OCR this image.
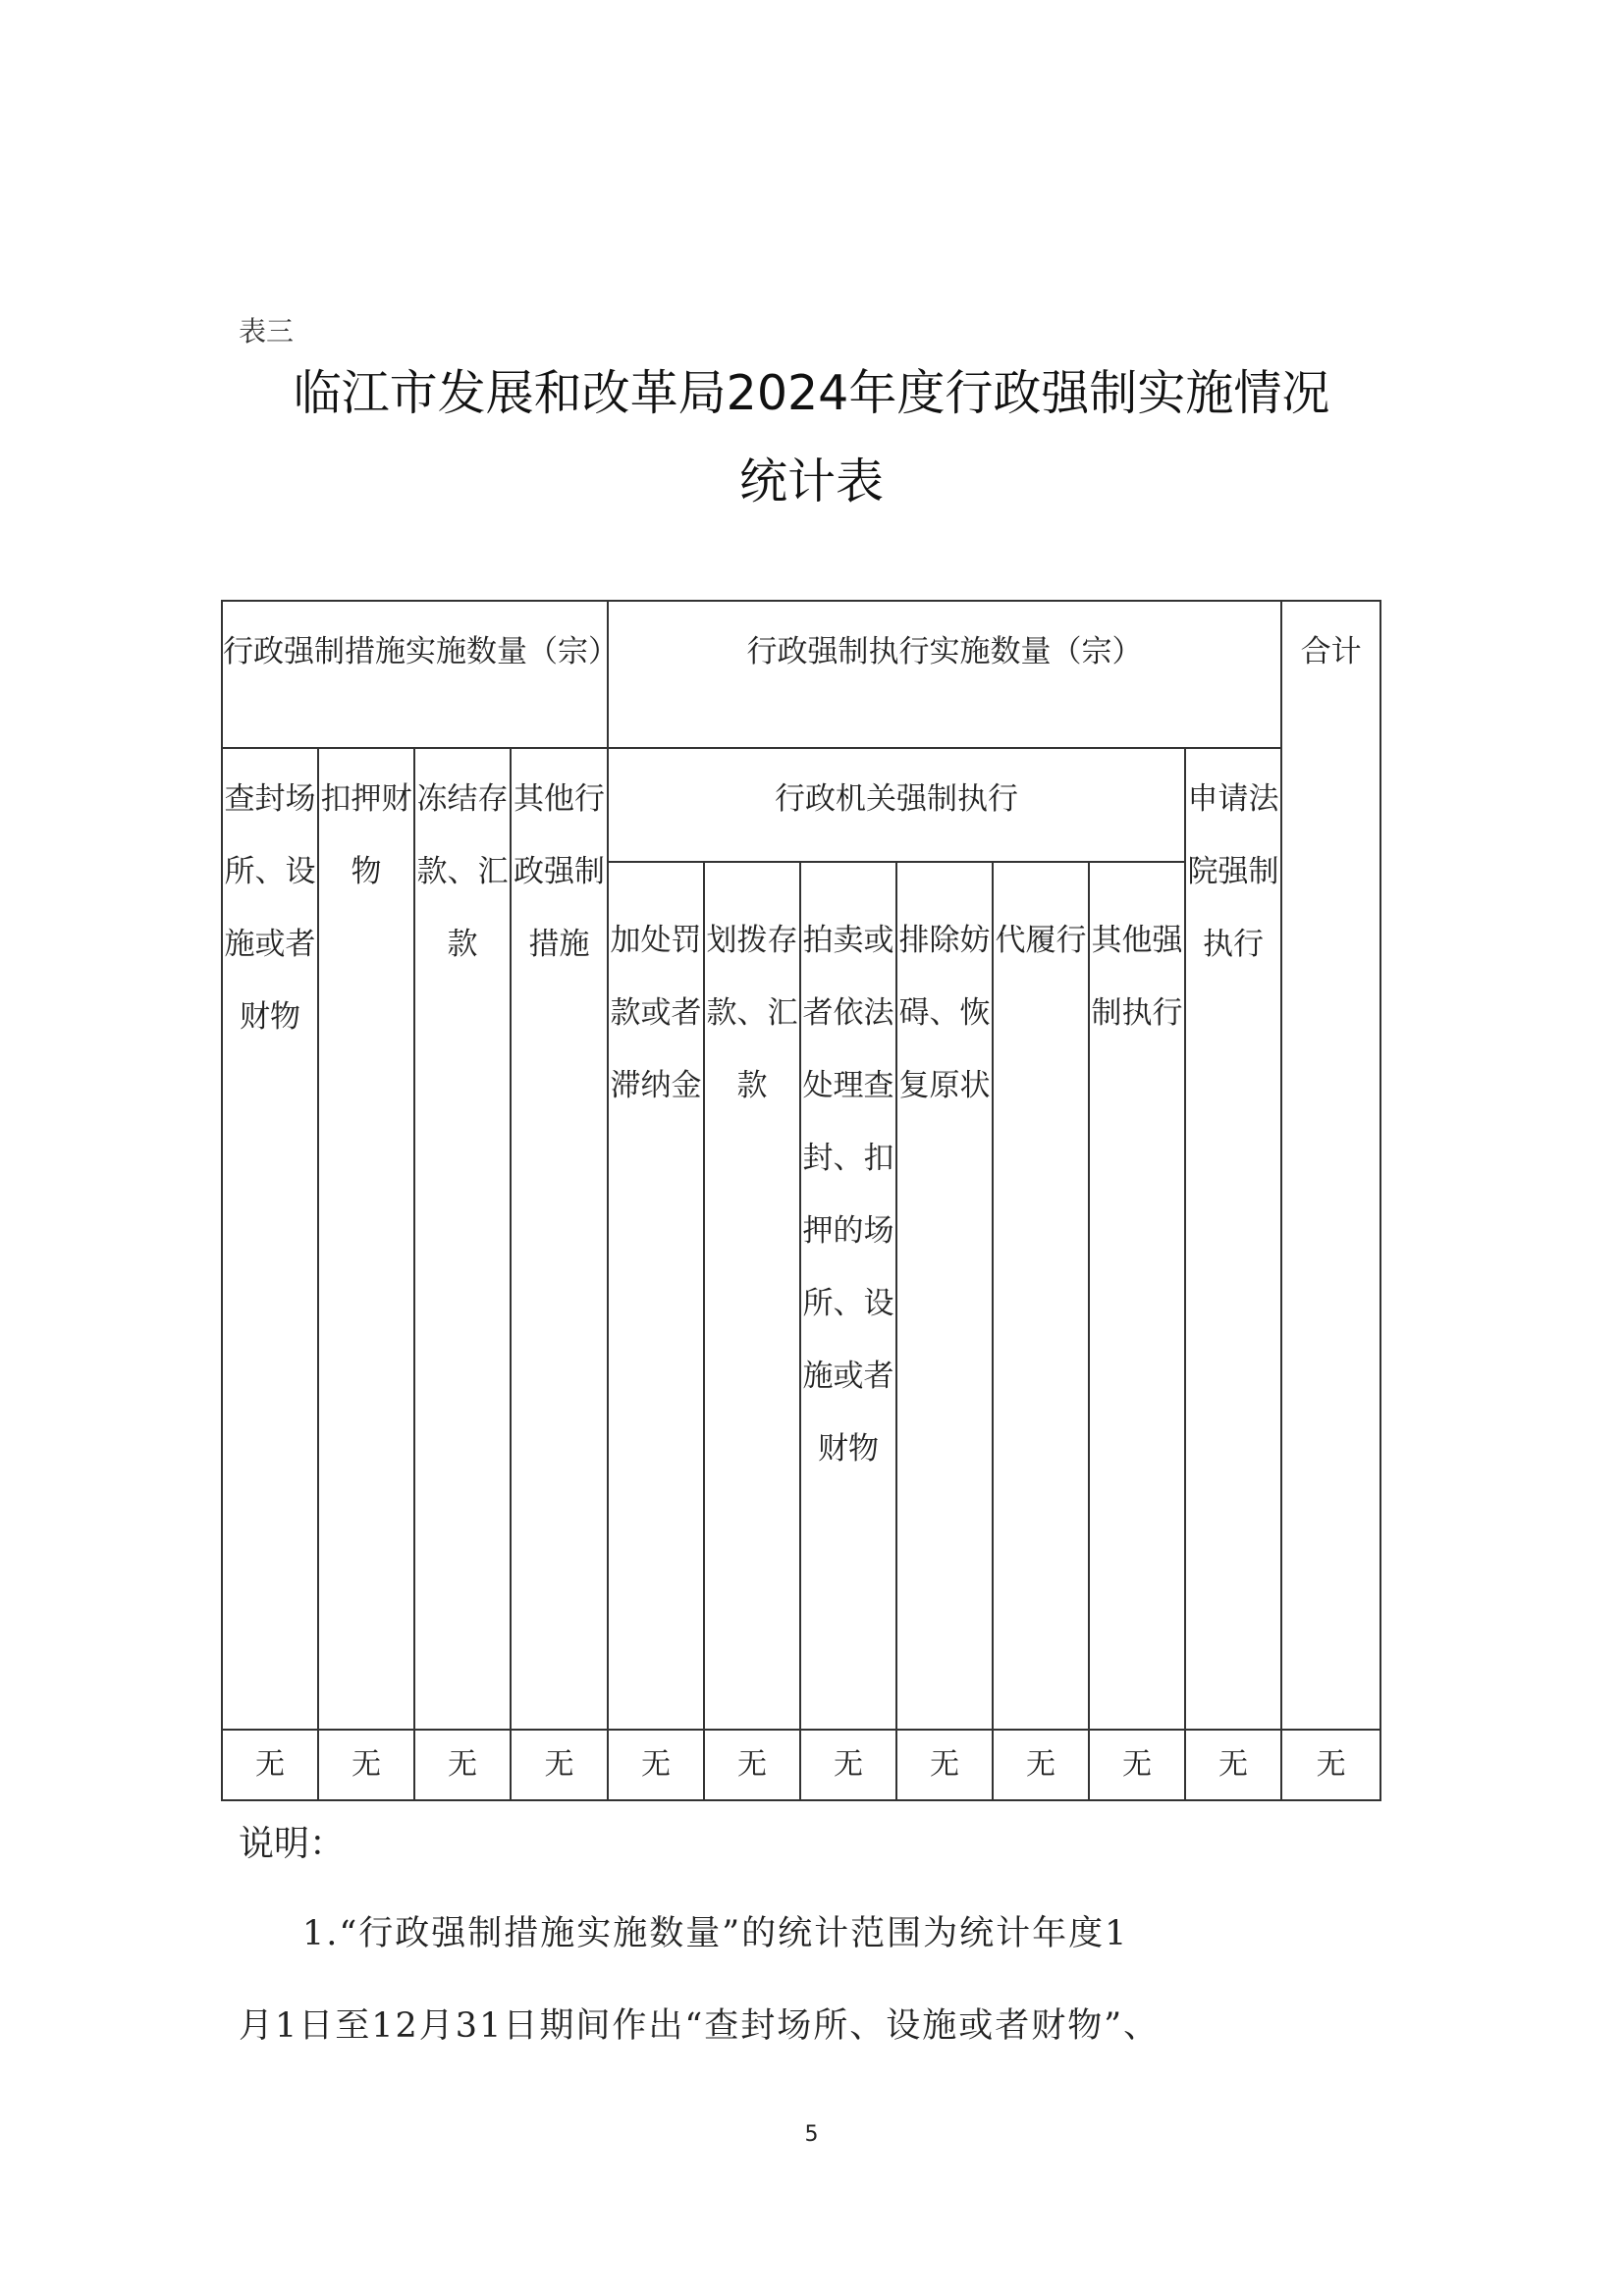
表三
临江市发展和改革局2024年度行政强制实施情况
统计表
行政强制措施实施数量（宗）				行政强制执行实施数量（宗）							合计

查封场所、设施或者财物	扣押财物	冻结存款、汇款	其他行政强制措施	行政机关强制执行						申请法院强制执行	

				加处罚款或者滞纳金	划拨存款、汇款	拍卖或者依法处理查封、扣押的场所、设施或者财物	排除妨碍、恢复原状	代履行	其他强制执行		

无	无	无	无	无	无	无	无	无	无	无	无
说明：
1.“行政强制措施实施数量”的统计范围为统计年度1
月1日至12月31日期间作出“查封场所、设施或者财物”、
5
